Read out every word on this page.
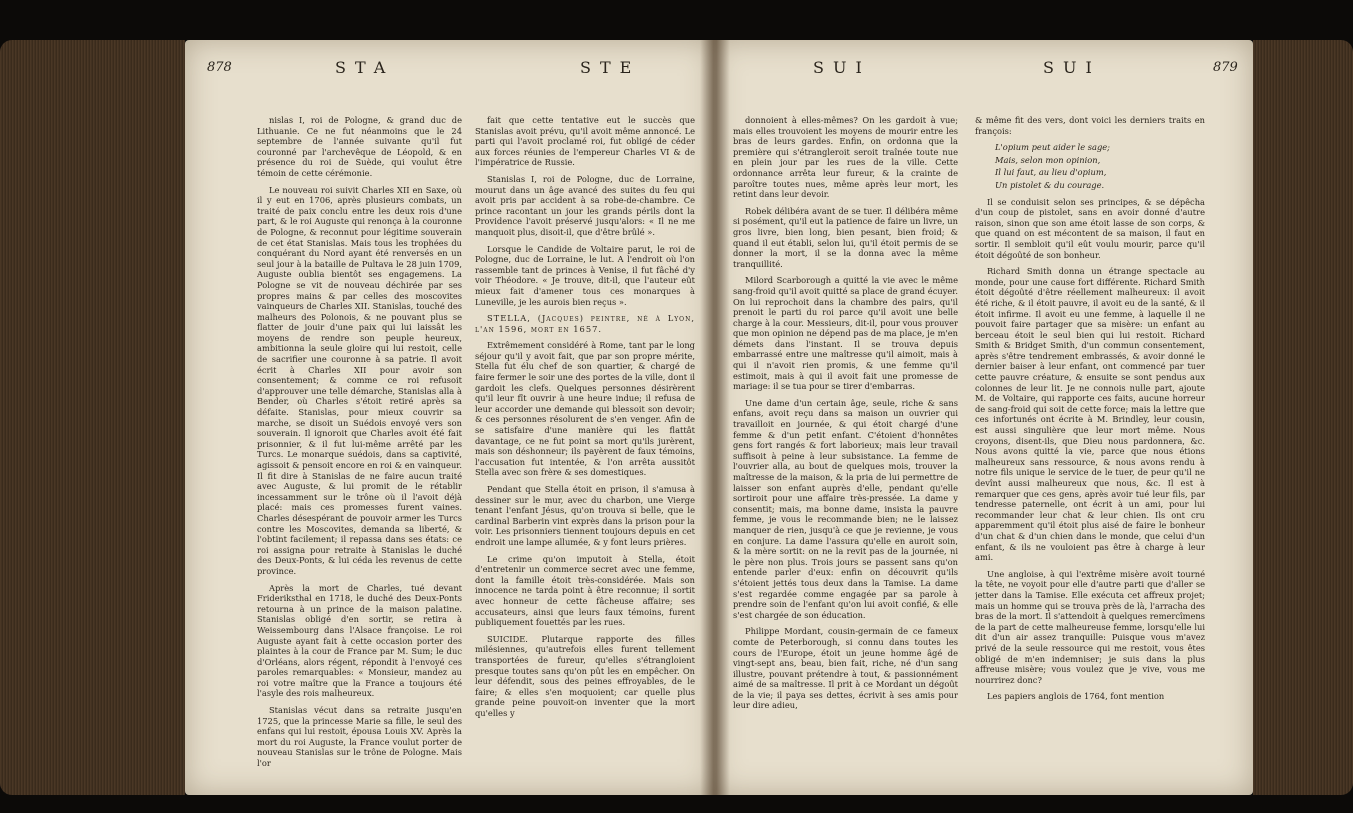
878	STA	STE

nislas I, roi de Pologne, & grand duc de Lithuanie. Ce ne fut néanmoins que le 24 septembre de l'année suivante qu'il fut couronné par l'archevêque de Léopold, & en présence du roi de Suède, qui voulut être témoin de cette cérémonie.

Le nouveau roi suivit Charles XII en Saxe, où il y eut en 1706, après plusieurs combats, un traité de paix conclu entre les deux rois d'une part, & le roi Auguste qui renonça à la couronne de Pologne, & reconnut pour légitime souverain de cet état Stanislas. Mais tous les trophées du conquérant du Nord ayant été renversés en un seul jour à la bataille de Pultava le 28 juin 1709, Auguste oublia bientôt ses engagemens. La Pologne se vit de nouveau déchirée par ses propres mains & par celles des moscovites vainqueurs de Charles XII. Stanislas, touché des malheurs des Polonois, & ne pouvant plus se flatter de jouir d'une paix qui lui laissât les moyens de rendre son peuple heureux, ambitionna la seule gloire qui lui restoit, celle de sacrifier une couronne à sa patrie. Il avoit écrit à Charles XII pour avoir son consentement; & comme ce roi refusoit d'approuver une telle démarche, Stanislas alla à Bender, où Charles s'étoit retiré après sa défaite. Stanislas, pour mieux couvrir sa marche, se disoit un Suédois envoyé vers son souverain. Il ignoroit que Charles avoit été fait prisonnier, & il fut lui-même arrêté par les Turcs. Le monarque suédois, dans sa captivité, agissoit & pensoit encore en roi & en vainqueur. Il fit dire à Stanislas de ne faire aucun traité avec Auguste, & lui promit de le rétablir incessamment sur le trône où il l'avoit déjà placé: mais ces promesses furent vaines. Charles désespérant de pouvoir armer les Turcs contre les Moscovites, demanda sa liberté, & l'obtint facilement; il repassa dans ses états: ce roi assigna pour retraite à Stanislas le duché des Deux-Ponts, & lui céda les revenus de cette province.

Après la mort de Charles, tué devant Frideriksthal en 1718, le duché des Deux-Ponts retourna à un prince de la maison palatine. Stanislas obligé d'en sortir, se retira à Weissembourg dans l'Alsace françoise. Le roi Auguste ayant fait à cette occasion porter des plaintes à la cour de France par M. Sum; le duc d'Orléans, alors régent, répondit à l'envoyé ces paroles remarquables: « Monsieur, mandez au roi votre maître que la France a toujours été l'asyle des rois malheureux.

Stanislas vécut dans sa retraite jusqu'en 1725, que la princesse Marie sa fille, le seul des enfans qui lui restoit, épousa Louis XV. Après la mort du roi Auguste, la France voulut porter de nouveau Stanislas sur le trône de Pologne. Mais l'or

fait que cette tentative eut le succès que Stanislas avoit prévu, qu'il avoit même annoncé. Le parti qui l'avoit proclamé roi, fut obligé de céder aux forces réunies de l'empereur Charles VI & de l'impératrice de Russie.

Stanislas I, roi de Pologne, duc de Lorraine, mourut dans un âge avancé des suites du feu qui avoit pris par accident à sa robe-de-chambre. Ce prince racontant un jour les grands périls dont la Providence l'avoit préservé jusqu'alors: « Il ne me manquoit plus, disoit-il, que d'être brûlé ».

Lorsque le Candide de Voltaire parut, le roi de Pologne, duc de Lorraine, le lut. A l'endroit où l'on rassemble tant de princes à Venise, il fut fâché d'y voir Théodore. « Je trouve, dit-il, que l'auteur eût mieux fait d'amener tous ces monarques à Luneville, je les aurois bien reçus ».

STELLA, (Jacques) peintre, né à Lyon, l'an 1596, mort en 1657.

Extrêmement considéré à Rome, tant par le long séjour qu'il y avoit fait, que par son propre mérite, Stella fut élu chef de son quartier, & chargé de faire fermer le soir une des portes de la ville, dont il gardoit les clefs. Quelques personnes désirèrent qu'il leur fît ouvrir à une heure indue; il refusa de leur accorder une demande qui blessoit son devoir; & ces personnes résolurent de s'en venger. Afin de se satisfaire d'une manière qui les flattât davantage, ce ne fut point sa mort qu'ils jurèrent, mais son déshonneur; ils payèrent de faux témoins, l'accusation fut intentée, & l'on arrêta aussitôt Stella avec son frère & ses domestiques.

Pendant que Stella étoit en prison, il s'amusa à dessiner sur le mur, avec du charbon, une Vierge tenant l'enfant Jésus, qu'on trouva si belle, que le cardinal Barberin vint exprès dans la prison pour la voir. Les prisonniers tiennent toujours depuis en cet endroit une lampe allumée, & y font leurs prières.

Le crime qu'on imputoit à Stella, étoit d'entretenir un commerce secret avec une femme, dont la famille étoit très-considérée. Mais son innocence ne tarda point à être reconnue; il sortit avec honneur de cette fâcheuse affaire; ses accusateurs, ainsi que leurs faux témoins, furent publiquement fouettés par les rues.

SUICIDE. Plutarque rapporte des filles milésiennes, qu'autrefois elles furent tellement transportées de fureur, qu'elles s'étrangloient presque toutes sans qu'on pût les en empêcher. On leur défendit, sous des peines effroyables, de le faire; & elles s'en moquoient; car quelle plus grande peine pouvoit-on inventer que la mort qu'elles y

SUI	SUI	879

donnoient à elles-mêmes? On les gardoit à vue; mais elles trouvoient les moyens de mourir entre les bras de leurs gardes. Enfin, on ordonna que la première qui s'étrangleroit seroit traînée toute nue en plein jour par les rues de la ville. Cette ordonnance arrêta leur fureur, & la crainte de paroître toutes nues, même après leur mort, les retint dans leur devoir.

Robek délibéra avant de se tuer. Il délibéra même si posément, qu'il eut la patience de faire un livre, un gros livre, bien long, bien pesant, bien froid; & quand il eut établi, selon lui, qu'il étoit permis de se donner la mort, il se la donna avec la même tranquillité.

Milord Scarborough a quitté la vie avec le même sang-froid qu'il avoit quitté sa place de grand écuyer. On lui reprochoit dans la chambre des pairs, qu'il prenoit le parti du roi parce qu'il avoit une belle charge à la cour. Messieurs, dit-il, pour vous prouver que mon opinion ne dépend pas de ma place, je m'en démets dans l'instant. Il se trouva depuis embarrassé entre une maîtresse qu'il aimoit, mais à qui il n'avoit rien promis, & une femme qu'il estimoit, mais à qui il avoit fait une promesse de mariage: il se tua pour se tirer d'embarras.

Une dame d'un certain âge, seule, riche & sans enfans, avoit reçu dans sa maison un ouvrier qui travailloit en journée, & qui étoit chargé d'une femme & d'un petit enfant. C'étoient d'honnêtes gens fort rangés & fort laborieux; mais leur travail suffisoit à peine à leur subsistance. La femme de l'ouvrier alla, au bout de quelques mois, trouver la maîtresse de la maison, & la pria de lui permettre de laisser son enfant auprès d'elle, pendant qu'elle sortiroit pour une affaire très-pressée. La dame y consentit; mais, ma bonne dame, insista la pauvre femme, je vous le recommande bien; ne le laissez manquer de rien, jusqu'à ce que je revienne, je vous en conjure. La dame l'assura qu'elle en auroit soin, & la mère sortit: on ne la revit pas de la journée, ni le père non plus. Trois jours se passent sans qu'on entende parler d'eux: enfin on découvrit qu'ils s'étoient jettés tous deux dans la Tamise. La dame s'est regardée comme engagée par sa parole à prendre soin de l'enfant qu'on lui avoit confié, & elle s'est chargée de son éducation.

Philippe Mordant, cousin-germain de ce fameux comte de Peterborough, si connu dans toutes les cours de l'Europe, étoit un jeune homme âgé de vingt-sept ans, beau, bien fait, riche, né d'un sang illustre, pouvant prétendre à tout, & passionnément aimé de sa maîtresse. Il prit à ce Mordant un dégoût de la vie; il paya ses dettes, écrivit à ses amis pour leur dire adieu,

& même fit des vers, dont voici les derniers traits en françois:

L'opium peut aider le sage;
Mais, selon mon opinion,
Il lui faut, au lieu d'opium,
Un pistolet & du courage.

Il se conduisit selon ses principes, & se dépêcha d'un coup de pistolet, sans en avoir donné d'autre raison, sinon que son ame étoit lasse de son corps, & que quand on est mécontent de sa maison, il faut en sortir. Il sembloit qu'il eût voulu mourir, parce qu'il étoit dégoûté de son bonheur.

Richard Smith donna un étrange spectacle au monde, pour une cause fort différente. Richard Smith étoit dégoûté d'être réellement malheureux: il avoit été riche, & il étoit pauvre, il avoit eu de la santé, & il étoit infirme. Il avoit eu une femme, à laquelle il ne pouvoit faire partager que sa misère: un enfant au berceau étoit le seul bien qui lui restoit. Richard Smith & Bridget Smith, d'un commun consentement, après s'être tendrement embrassés, & avoir donné le dernier baiser à leur enfant, ont commencé par tuer cette pauvre créature, & ensuite se sont pendus aux colonnes de leur lit. Je ne connois nulle part, ajoute M. de Voltaire, qui rapporte ces faits, aucune horreur de sang-froid qui soit de cette force; mais la lettre que ces infortunés ont écrite à M. Brindley, leur cousin, est aussi singulière que leur mort même. Nous croyons, disent-ils, que Dieu nous pardonnera, &c. Nous avons quitté la vie, parce que nous étions malheureux sans ressource, & nous avons rendu à notre fils unique le service de le tuer, de peur qu'il ne devînt aussi malheureux que nous, &c. Il est à remarquer que ces gens, après avoir tué leur fils, par tendresse paternelle, ont écrit à un ami, pour lui recommander leur chat & leur chien. Ils ont cru apparemment qu'il étoit plus aisé de faire le bonheur d'un chat & d'un chien dans le monde, que celui d'un enfant, & ils ne vouloient pas être à charge à leur ami.

Une angloise, à qui l'extrême misère avoit tourné la tête, ne voyoit pour elle d'autre parti que d'aller se jetter dans la Tamise. Elle exécuta cet affreux projet; mais un homme qui se trouva près de là, l'arracha des bras de la mort. Il s'attendoit à quelques remercîmens de la part de cette malheureuse femme, lorsqu'elle lui dit d'un air assez tranquille: Puisque vous m'avez privé de la seule ressource qui me restoit, vous êtes obligé de m'en indemniser; je suis dans la plus affreuse misère; vous voulez que je vive, vous me nourrirez donc?

Les papiers anglois de 1764, font mention
